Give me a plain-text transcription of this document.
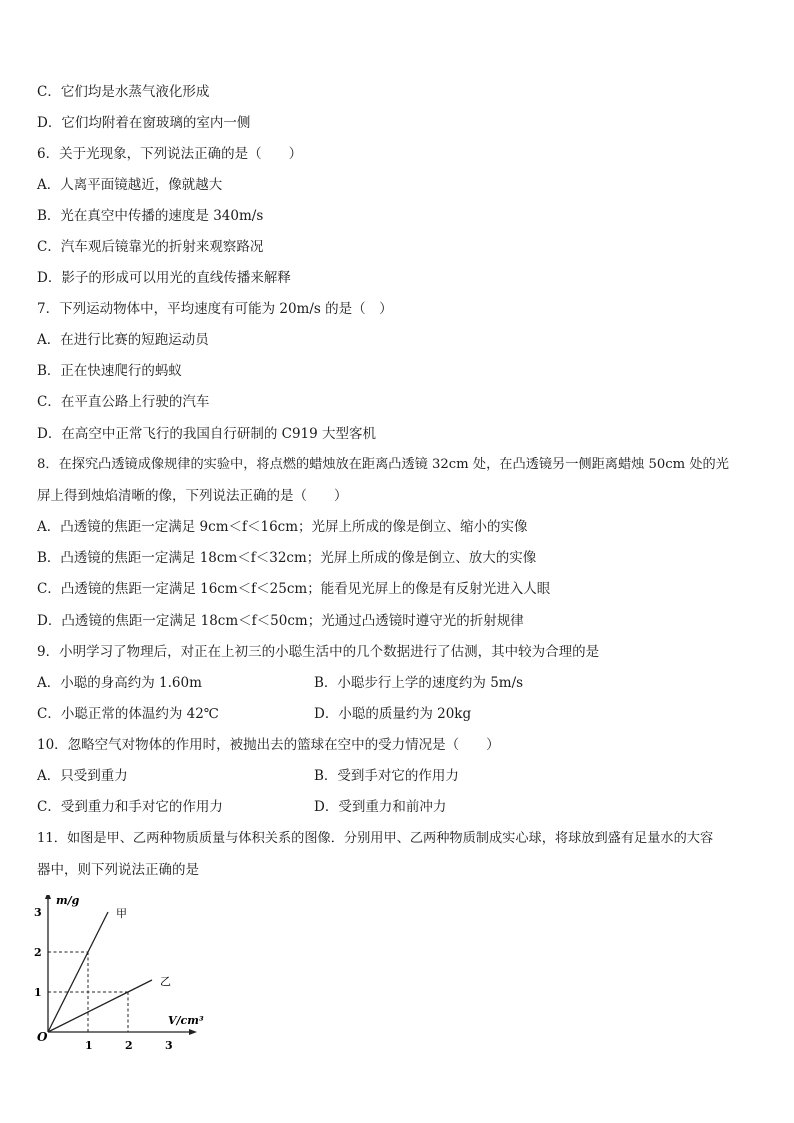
C．它们均是水蒸气液化形成
D．它们均附着在窗玻璃的室内一侧
6．关于光现象，下列说法正确的是（　　）
A．人离平面镜越近，像就越大
B．光在真空中传播的速度是 340m/s
C．汽车观后镜靠光的折射来观察路况
D．影子的形成可以用光的直线传播来解释
7．下列运动物体中，平均速度有可能为 20m/s 的是（　）
A．在进行比赛的短跑运动员
B．正在快速爬行的蚂蚁
C．在平直公路上行驶的汽车
D．在高空中正常飞行的我国自行研制的 C919 大型客机
8．在探究凸透镜成像规律的实验中，将点燃的蜡烛放在距离凸透镜 32cm 处，在凸透镜另一侧距离蜡烛 50cm 处的光
屏上得到烛焰清晰的像，下列说法正确的是（　　）
A．凸透镜的焦距一定满足 9cm＜f＜16cm；光屏上所成的像是倒立、缩小的实像
B．凸透镜的焦距一定满足 18cm＜f＜32cm；光屏上所成的像是倒立、放大的实像
C．凸透镜的焦距一定满足 16cm＜f＜25cm；能看见光屏上的像是有反射光进入人眼
D．凸透镜的焦距一定满足 18cm＜f＜50cm；光通过凸透镜时遵守光的折射规律
9．小明学习了物理后，对正在上初三的小聪生活中的几个数据进行了估测，其中较为合理的是
A．小聪的身高约为 1.60m	B．小聪步行上学的速度约为 5m/s
C．小聪正常的体温约为 42℃	D．小聪的质量约为 20kg
10．忽略空气对物体的作用时，被抛出去的篮球在空中的受力情况是（　　）
A．只受到重力	B．受到手对它的作用力
C．受到重力和手对它的作用力	D．受到重力和前冲力
11．如图是甲、乙两种物质质量与体积关系的图像．分别用甲、乙两种物质制成实心球，将球放到盛有足量水的大容
器中，则下列说法正确的是
甲
乙
1	2	3
1
2
3
m/g
V/cm³
O
